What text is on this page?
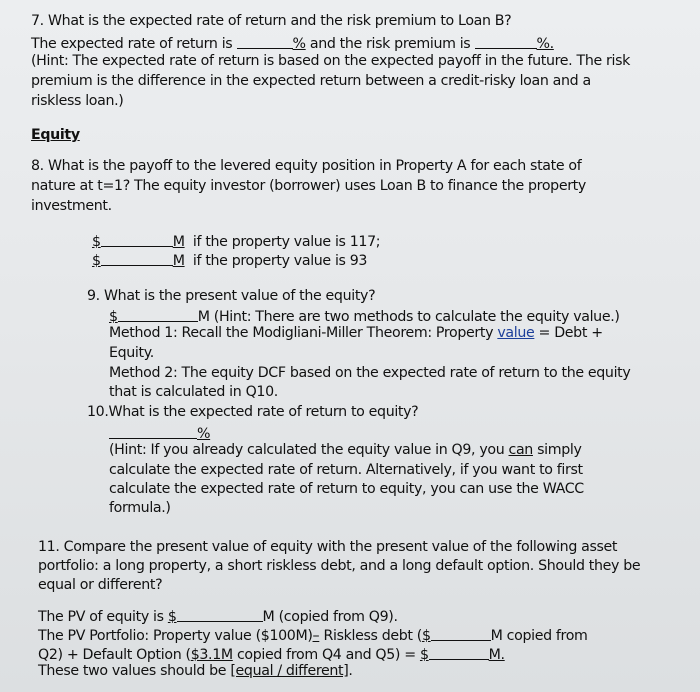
7. What is the expected rate of return and the risk premium to Loan B?
The expected rate of return is	% and the risk premium is	%.
(Hint: The expected rate of return is based on the expected payoff in the future. The risk
premium is the difference in the expected return between a credit-risky loan and a
riskless loan.)
Equity
8. What is the payoff to the levered equity position in Property A for each state of
nature at t=1? The equity investor (borrower) uses Loan B to finance the property
investment.
$	M if the property value is 117;
$	M if the property value is 93
9. What is the present value of the equity?
$	M (Hint: There are two methods to calculate the equity value.)
Method 1: Recall the Modigliani-Miller Theorem: Property value = Debt +
Equity.
Method 2: The equity DCF based on the expected rate of return to the equity
that is calculated in Q10.
10.What is the expected rate of return to equity?
%
(Hint: If you already calculated the equity value in Q9, you can simply
calculate the expected rate of return. Alternatively, if you want to first
calculate the expected rate of return to equity, you can use the WACC
formula.)
11. Compare the present value of equity with the present value of the following asset
portfolio: a long property, a short riskless debt, and a long default option. Should they be
equal or different?
The PV of equity is $	M (copied from Q9).
The PV Portfolio: Property value ($100M)– Riskless debt ($	M copied from
Q2) + Default Option ($3.1M copied from Q4 and Q5) = $	M.
These two values should be [equal / different].
